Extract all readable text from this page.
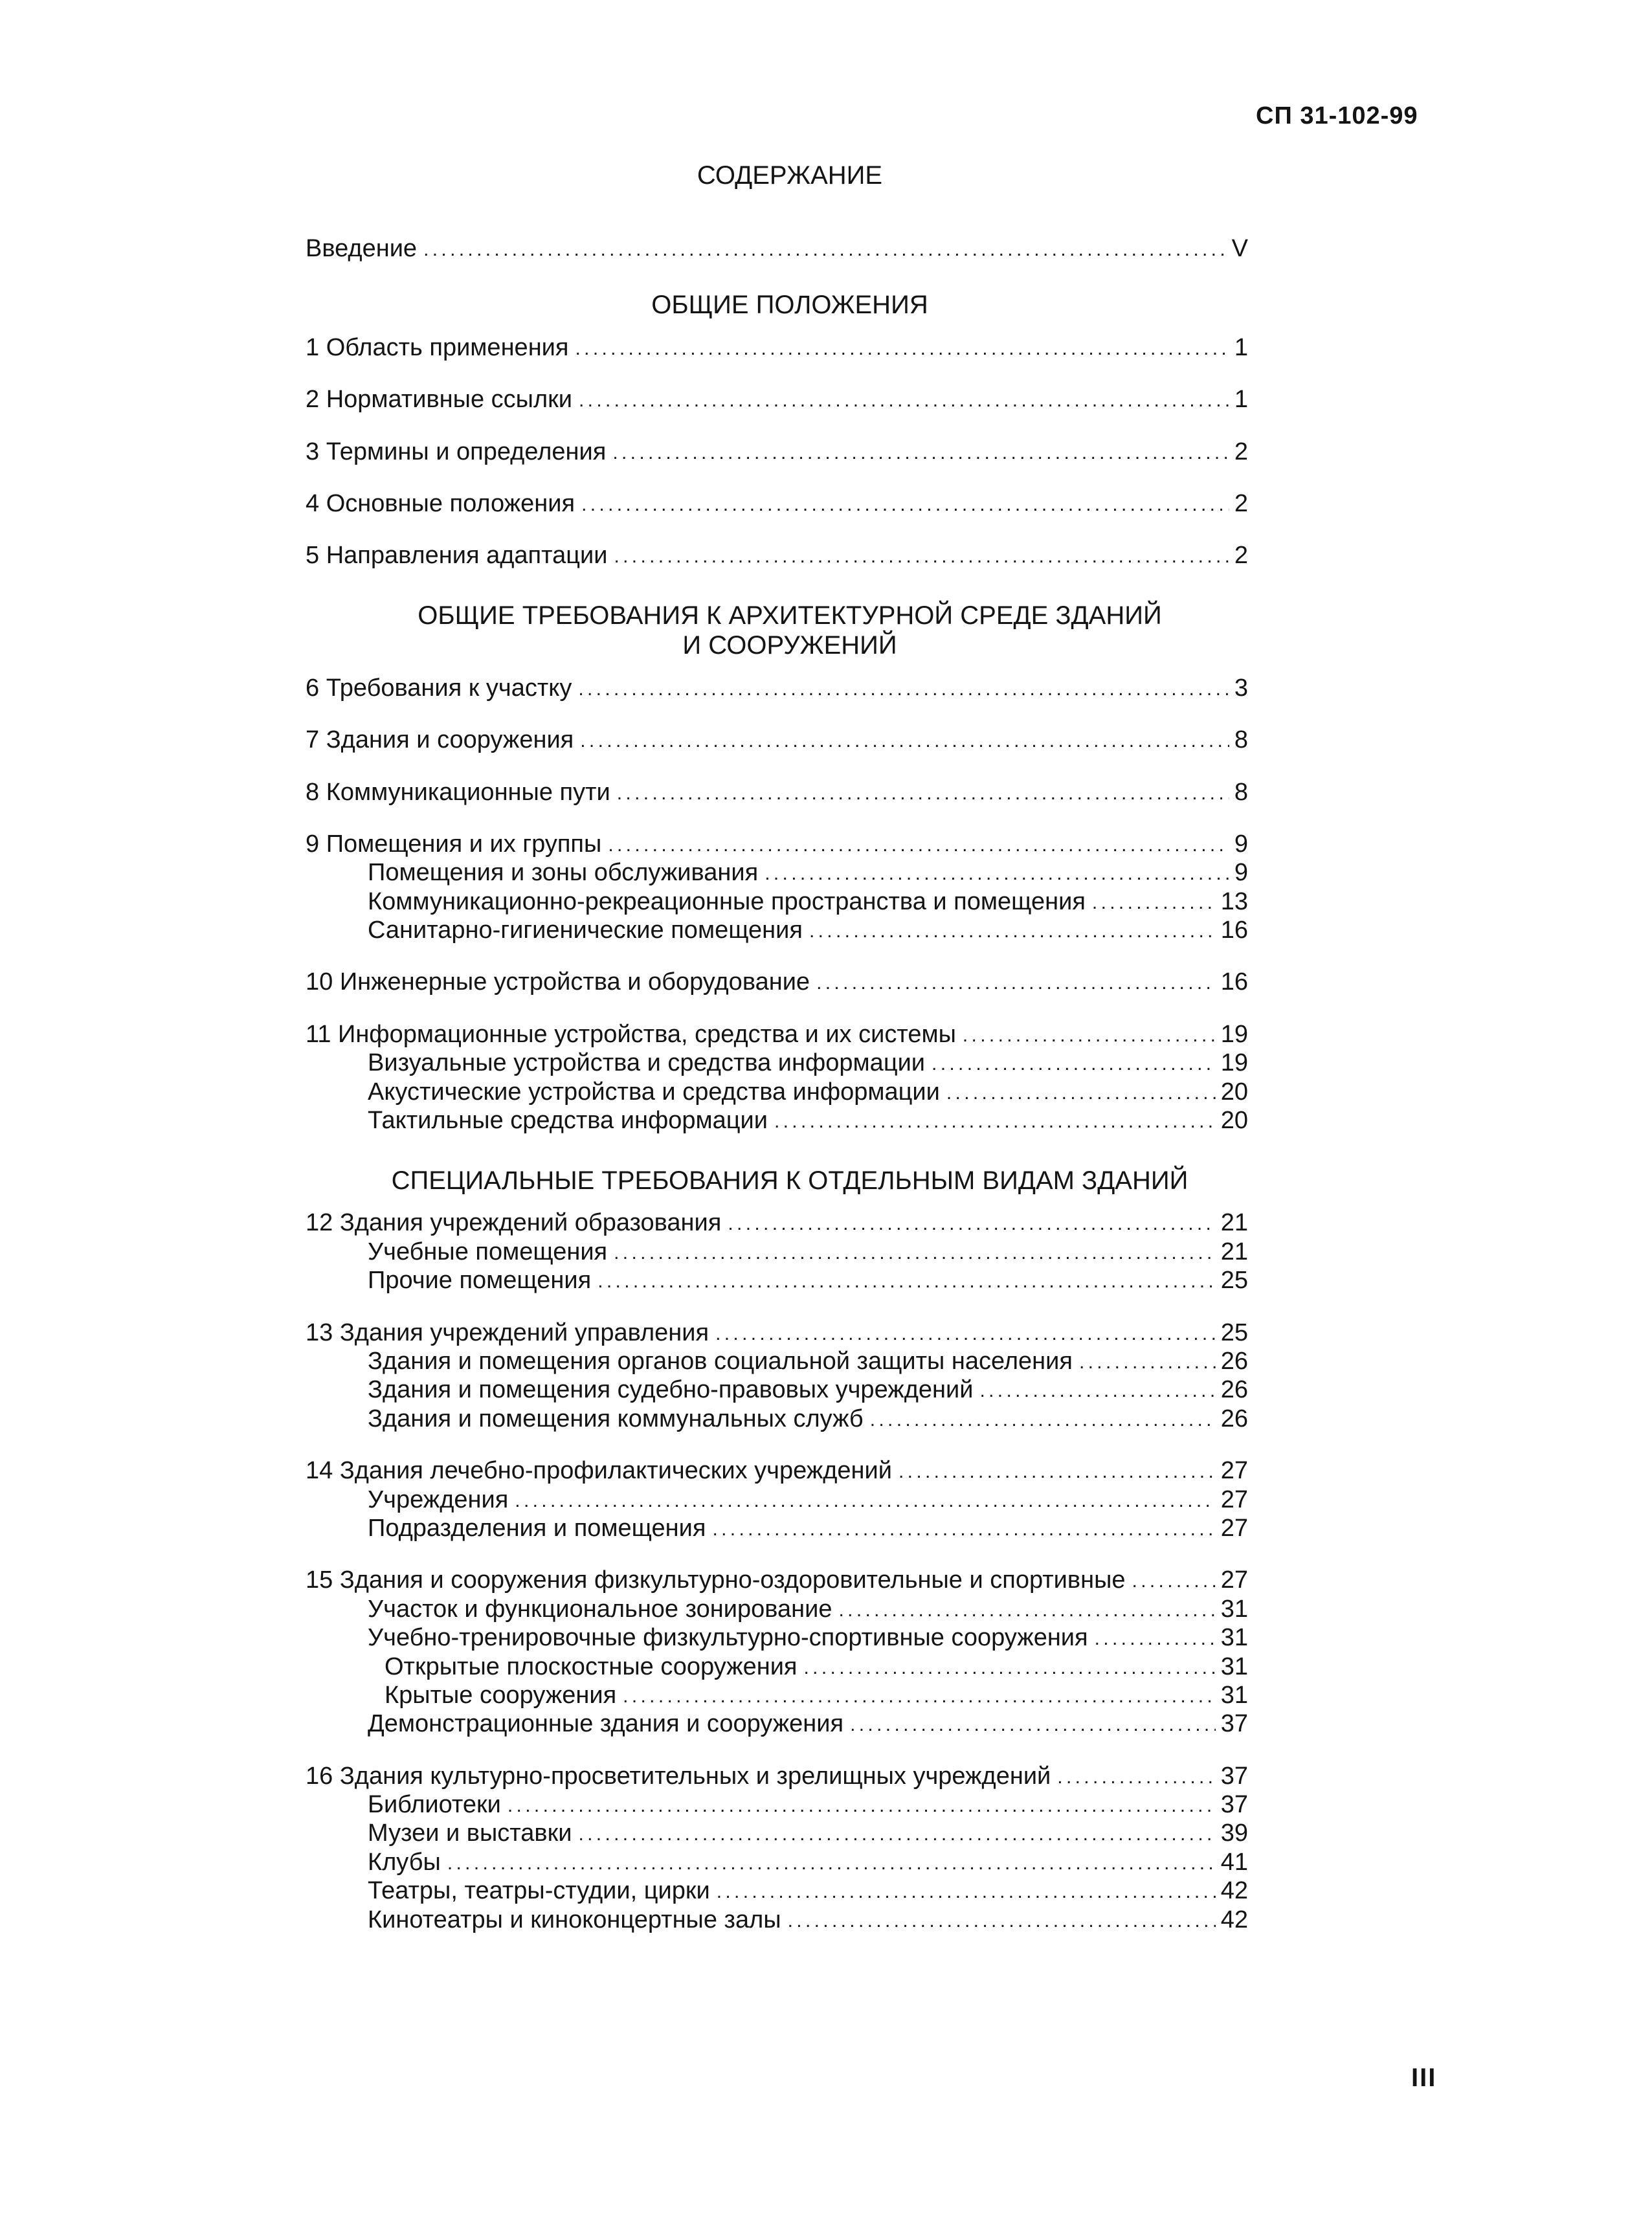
СП 31-102-99
СОДЕРЖАНИЕ
Введение . . .	V
ОБЩИЕ ПОЛОЖЕНИЯ
1 Область применения . . .	1
2 Нормативные ссылки . . .	1
3 Термины и определения . . .	2
4 Основные положения . . .	2
5 Направления адаптации . . .	2
ОБЩИЕ ТРЕБОВАНИЯ К АРХИТЕКТУРНОЙ СРЕДЕ ЗДАНИЙ
И СООРУЖЕНИЙ
6 Требования к участку . . .	3
7 Здания и сооружения . . .	8
8 Коммуникационные пути . . .	8
9 Помещения и их группы . . .	9
Помещения и зоны обслуживания . . .	9
Коммуникационно-рекреационные пространства и помещения . . .	13
Санитарно-гигиенические помещения . . .	16
10 Инженерные устройства и оборудование . . .	16
11 Информационные устройства, средства и их системы . . .	19
Визуальные устройства и средства информации . . .	19
Акустические устройства и средства информации . . .	20
Тактильные средства информации . . .	20
СПЕЦИАЛЬНЫЕ ТРЕБОВАНИЯ К ОТДЕЛЬНЫМ ВИДАМ ЗДАНИЙ
12 Здания учреждений образования . . .	21
Учебные помещения . . .	21
Прочие помещения . . .	25
13 Здания учреждений управления . . .	25
Здания и помещения органов социальной защиты населения . . .	26
Здания и помещения судебно-правовых учреждений . . .	26
Здания и помещения коммунальных служб . . .	26
14 Здания лечебно-профилактических учреждений . . .	27
Учреждения . . .	27
Подразделения и помещения . . .	27
15 Здания и сооружения физкультурно-оздоровительные и спортивные . . .	27
Участок и функциональное зонирование . . .	31
Учебно-тренировочные физкультурно-спортивные сооружения . . .	31
Открытые плоскостные сооружения . . .	31
Крытые сооружения . . .	31
Демонстрационные здания и сооружения . . .	37
16 Здания культурно-просветительных и зрелищных учреждений . . .	37
Библиотеки . . .	37
Музеи и выставки . . .	39
Клубы . . .	41
Театры, театры-студии, цирки . . .	42
Кинотеатры и киноконцертные залы . . .	42
III
